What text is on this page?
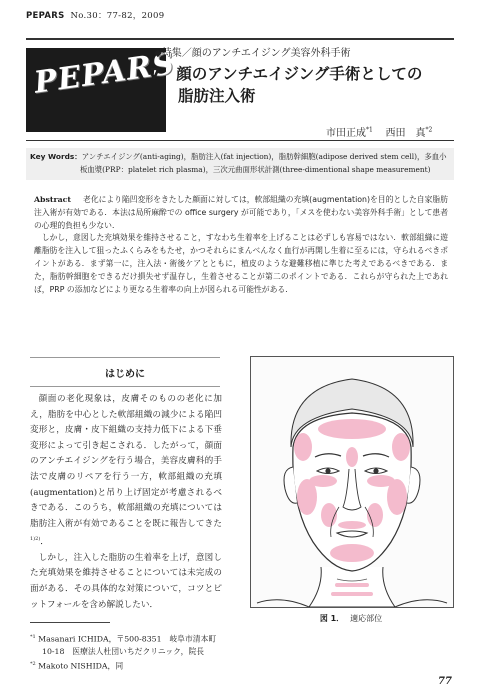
PEPARS No.30：77-82，2009
PEPARS
◆特集／顔のアンチエイジング美容外科手術
7．顔のアンチエイジング手術としての
脂肪注入術
市田正成$^{*1}$ 西田　真$^{*2}$
Key Words：アンチエイジング(anti-aging)，脂肪注入(fat injection)，脂肪幹細胞(adipose derived stem cell)，多血小
板血漿(PRP：platelet rich plasma)，三次元曲面形状計測(three-dimentional shape measurement)

Abstract 老化により陥凹変形をきたした顔面に対しては，軟部組織の充填(augmentation)を目的とした自家脂肪注入術が有効である．本法は局所麻酔での office surgery が可能であり，「メスを使わない美容外科手術」として患者の心理的負担も少ない．

しかし，意図した充填効果を維持させること，すなわち生着率を上げることは必ずしも容易ではない．軟部組織に遊離脂肪を注入して狙ったふくらみをもたせ，かつそれらにまんべんなく血行が再開し生着に至るには，守られるべきポイントがある．まず第一に，注入法・術後ケアとともに，植皮のような避難移植に準じた考えであるべきである．また，脂肪幹細胞をできるだけ損失せず温存し，生着させることが第二のポイントである．これらが守られた上であれば，PRP の添加などにより更なる生着率の向上が図られる可能性がある．

はじめに

顔面の老化現象は，皮膚そのものの老化に加え，脂肪を中心とした軟部組織の減少による陥凹変形と，皮膚・皮下組織の支持力低下による下垂変形によって引き起こされる．したがって，顔面のアンチエイジングを行う場合，美容皮膚科的手法で皮膚のリペアを行う一方，軟部組織の充填(augmentation)と吊り上げ固定が考慮されるべきである．このうち，軟部組織の充填については脂肪注入術が有効であることを既に報告してきた$^{1)2)}$．

しかし，注入した脂肪の生着率を上げ，意図した充填効果を維持させることについては未完成の面がある．その具体的な対策について，コツとピットフォールを含め解説したい．

図 1． 適応部位
$^{*1}$ Masanari ICHIDA，〒500-8351　岐阜市清本町
10-18　医療法人杜団いちだクリニック，院長
$^{*2}$ Makoto NISHIDA，同
77
